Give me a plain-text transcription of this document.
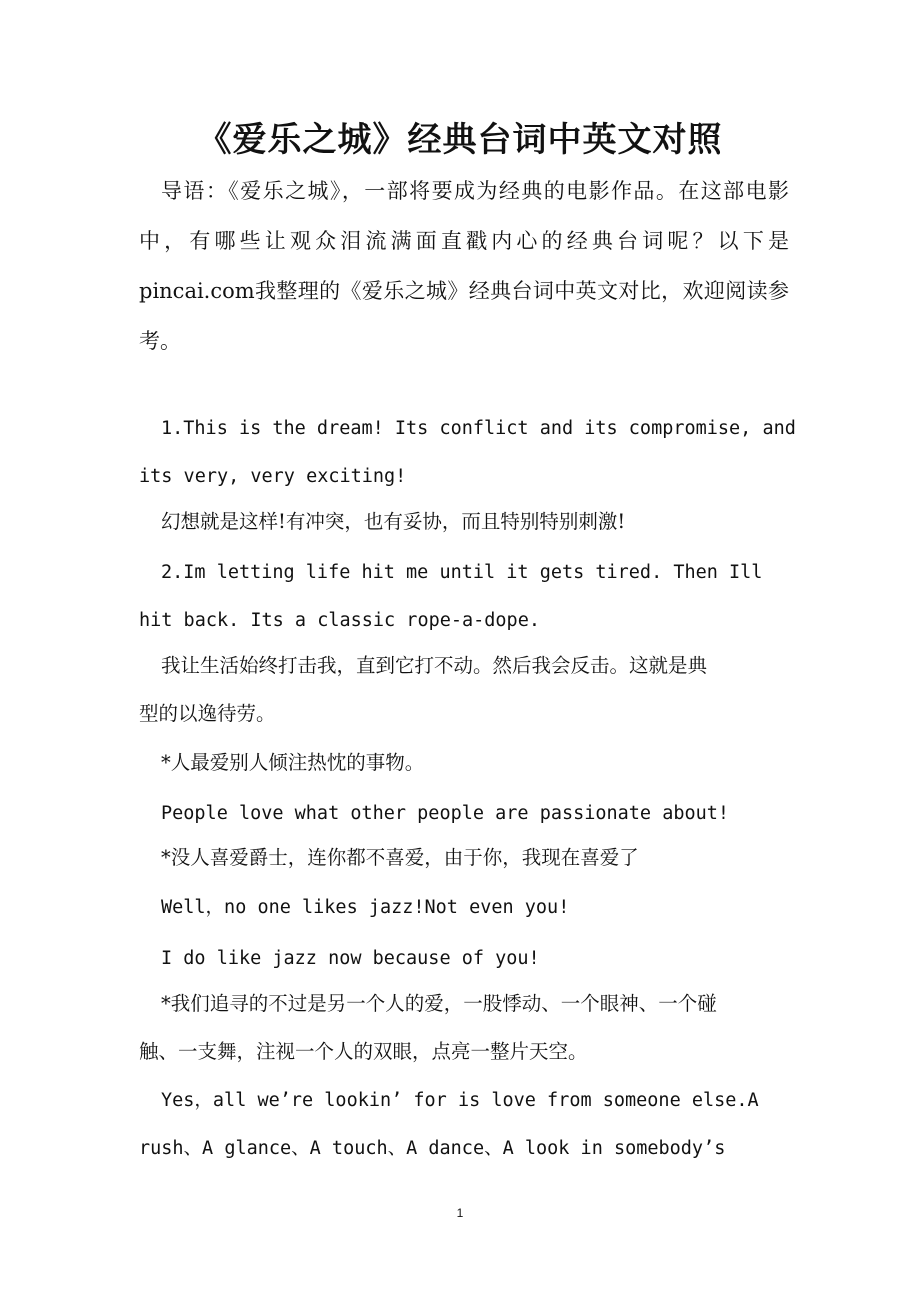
《爱乐之城》经典台词中英文对照

导语：《爱乐之城》，一部将要成为经典的电影作品。在这部电影中，有哪些让观众泪流满面直戳内心的经典台词呢？以下是pincai.com我整理的《爱乐之城》经典台词中英文对比，欢迎阅读参考。

1.This is the dream! Its conflict and its compromise, and

its very, very exciting!

幻想就是这样!有冲突，也有妥协，而且特别特别刺激!

2.Im letting life hit me until it gets tired. Then Ill

hit back. Its a classic rope-a-dope.

我让生活始终打击我，直到它打不动。然后我会反击。这就是典

型的以逸待劳。

*人最爱别人倾注热忱的事物。

People love what other people are passionate about!

*没人喜爱爵士，连你都不喜爱，由于你，我现在喜爱了

Well，no one likes jazz!Not even you!

I do like jazz now because of you!

*我们追寻的不过是另一个人的爱，一股悸动、一个眼神、一个碰

触、一支舞，注视一个人的双眼，点亮一整片天空。

Yes，all we’re lookin’ for is love from someone else.A

rush、A glance、A touch、A dance、A look in somebody’s

1
